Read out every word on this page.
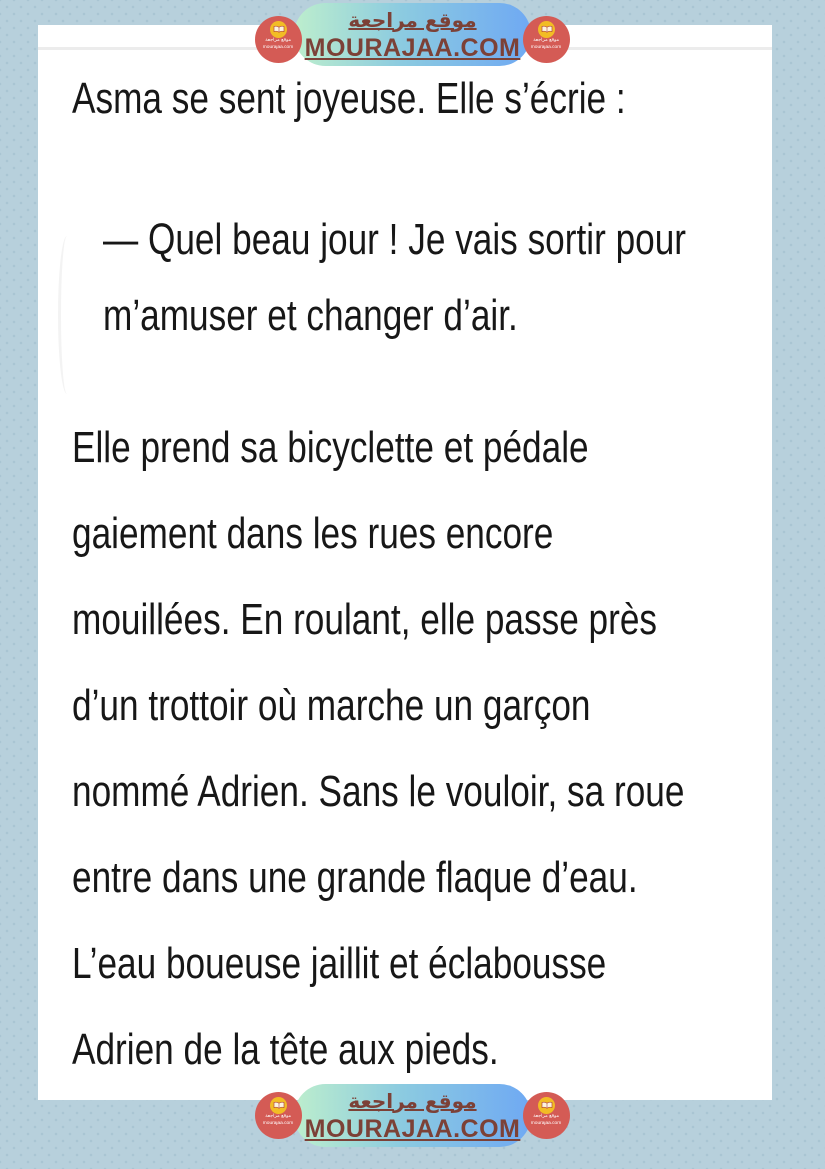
موقع مراجعة
mourajaa.com
موقع مراجعة
MOURAJAA.COM موقع مراجعة
mourajaa.com
Asma se sent joyeuse. Elle s’écrie :
— Quel beau jour ! Je vais sortir pour
m’amuser et changer d’air.
Elle prend sa bicyclette et pédale
gaiement dans les rues encore
mouillées. En roulant, elle passe près
d’un trottoir où marche un garçon
nommé Adrien. Sans le vouloir, sa roue
entre dans une grande flaque d’eau.
L’eau boueuse jaillit et éclabousse
Adrien de la tête aux pieds.
موقع مراجعة
mourajaa.com
موقع مراجعة
MOURAJAA.COM موقع مراجعة
mourajaa.com
